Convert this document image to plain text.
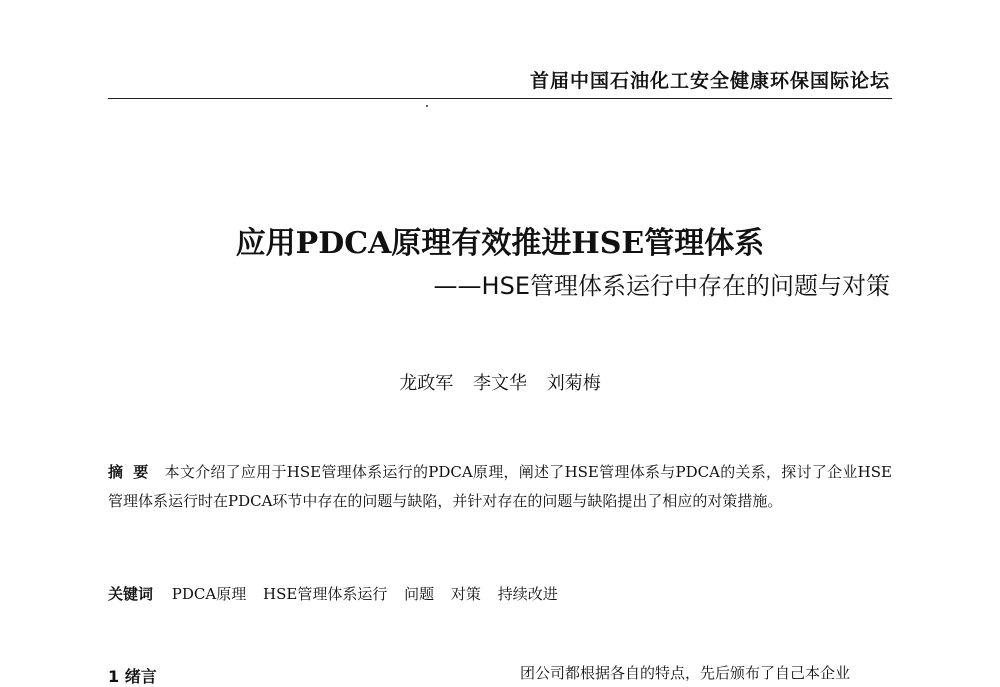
首届中国石油化工安全健康环保国际论坛
应用PDCA原理有效推进HSE管理体系
——HSE管理体系运行中存在的问题与对策
龙政军 李文华 刘菊梅
摘要 本文介绍了应用于HSE管理体系运行的PDCA原理，阐述了HSE管理体系与PDCA的关系，探讨了企业HSE管理体系运行时在PDCA环节中存在的问题与缺陷，并针对存在的问题与缺陷提出了相应的对策措施。
关键词 PDCA原理 HSE管理体系运行 问题 对策 持续改进
1 绪言	团公司都根据各自的特点，先后颁布了自己本企业
